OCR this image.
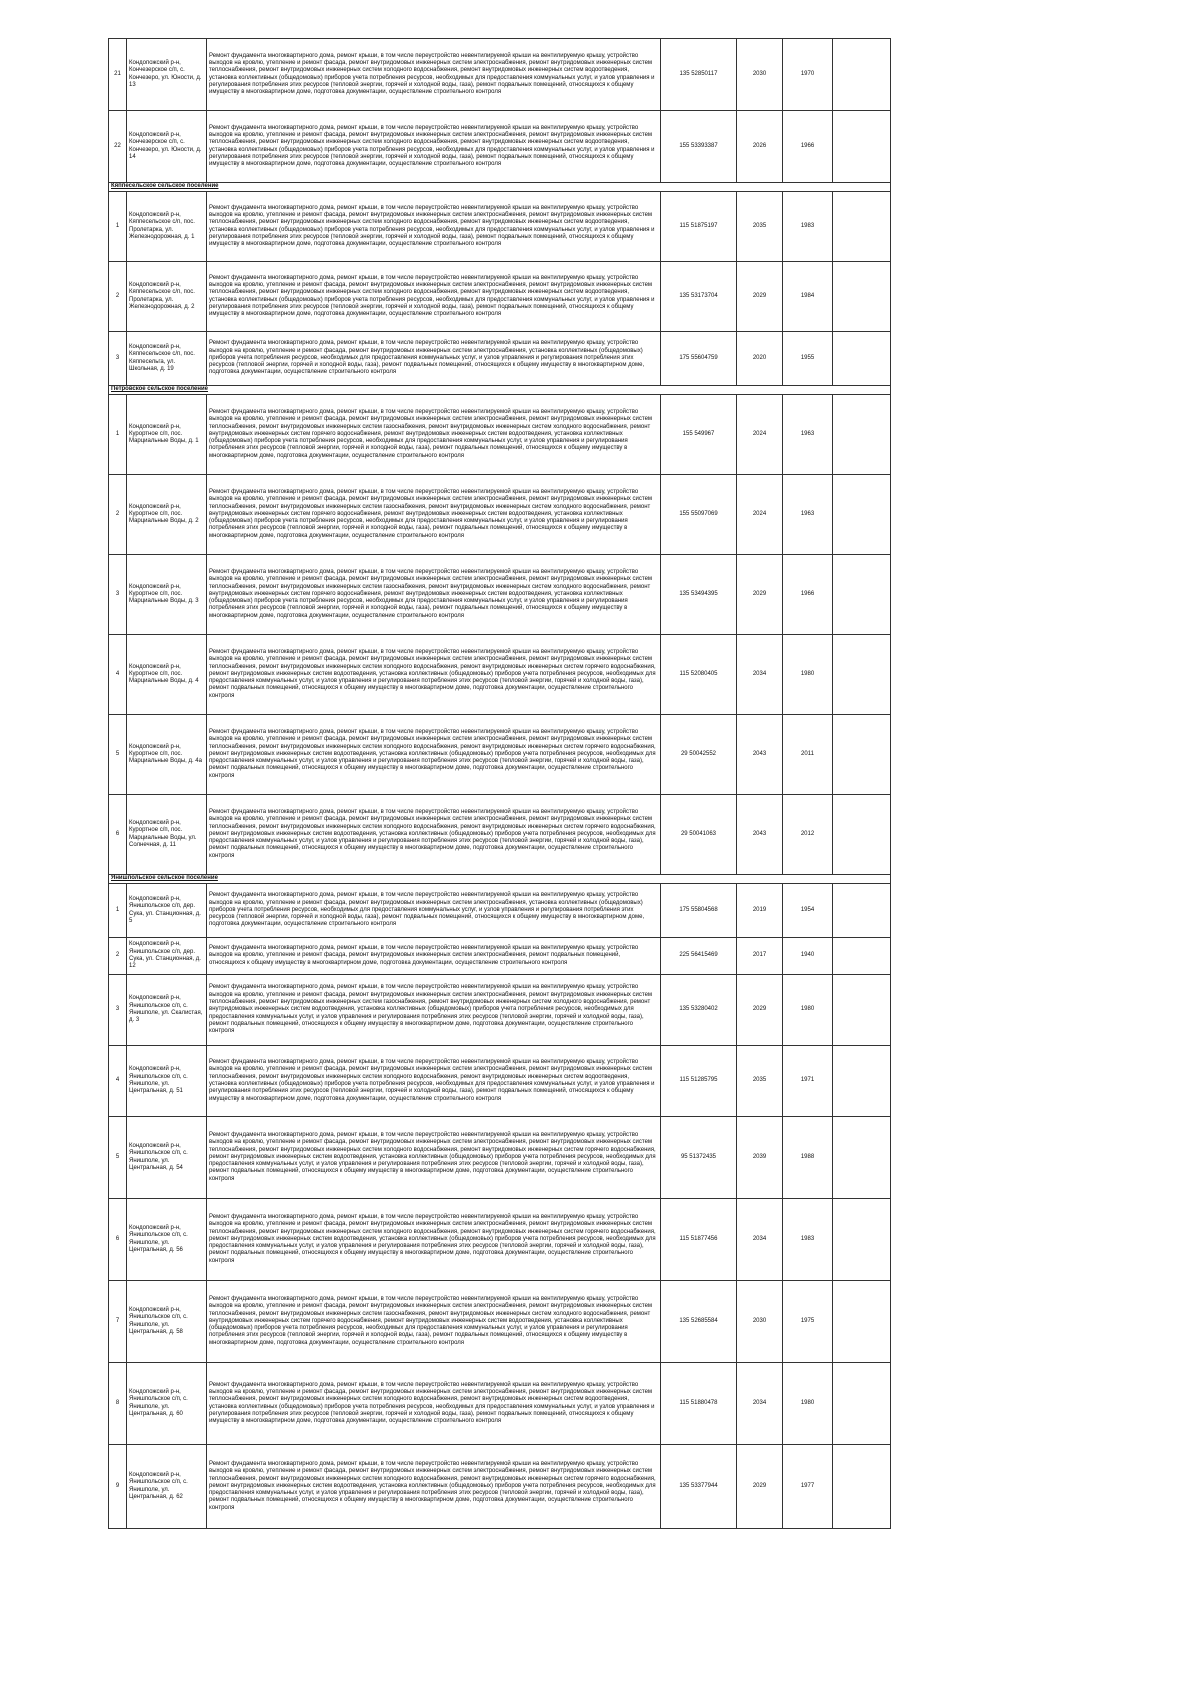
21	Кондопожский р-н, Кончезерское с/п, с. Кончезеро, ул. Юности, д. 13	Ремонт фундамента многоквартирного дома, ремонт крыши, в том числе переустройство невентилируемой крыши на вентилируемую крышу, устройство выходов на кровлю, утепление и ремонт фасада, ремонт внутридомовых инженерных систем электроснабжения, ремонт внутридомовых инженерных систем теплоснабжения, ремонт внутридомовых инженерных систем холодного водоснабжения, ремонт внутридомовых инженерных систем водоотведения, установка коллективных (общедомовых) приборов учета потребления ресурсов, необходимых для предоставления коммунальных услуг, и узлов управления и регулирования потребления этих ресурсов (тепловой энергии, горячей и холодной воды, газа), ремонт подвальных помещений, относящихся к общему имуществу в многоквартирном доме, подготовка документации, осуществление строительного контроля	135 52850117	2030	1970	
22	Кондопожский р-н, Кончезерское с/п, с. Кончезеро, ул. Юности, д. 14	Ремонт фундамента многоквартирного дома, ремонт крыши, в том числе переустройство невентилируемой крыши на вентилируемую крышу, устройство выходов на кровлю, утепление и ремонт фасада, ремонт внутридомовых инженерных систем электроснабжения, ремонт внутридомовых инженерных систем теплоснабжения, ремонт внутридомовых инженерных систем холодного водоснабжения, ремонт внутридомовых инженерных систем водоотведения, установка коллективных (общедомовых) приборов учета потребления ресурсов, необходимых для предоставления коммунальных услуг, и узлов управления и регулирования потребления этих ресурсов (тепловой энергии, горячей и холодной воды, газа), ремонт подвальных помещений, относящихся к общему имуществу в многоквартирном доме, подготовка документации, осуществление строительного контроля	155 53393387	2026	1966	
Кяппесельское сельское поселение						
1	Кондопожский р-н, Кяппесельское с/п, пос. Пролетарка, ул. Железнодорожная, д. 1	Ремонт фундамента многоквартирного дома, ремонт крыши, в том числе переустройство невентилируемой крыши на вентилируемую крышу, устройство выходов на кровлю, утепление и ремонт фасада, ремонт внутридомовых инженерных систем электроснабжения, ремонт внутридомовых инженерных систем теплоснабжения, ремонт внутридомовых инженерных систем холодного водоснабжения, ремонт внутридомовых инженерных систем водоотведения, установка коллективных (общедомовых) приборов учета потребления ресурсов, необходимых для предоставления коммунальных услуг, и узлов управления и регулирования потребления этих ресурсов (тепловой энергии, горячей и холодной воды, газа), ремонт подвальных помещений, относящихся к общему имуществу в многоквартирном доме, подготовка документации, осуществление строительного контроля	115 51875197	2035	1983	
2	Кондопожский р-н, Кяппесельское с/п, пос. Пролетарка, ул. Железнодорожная, д. 2	Ремонт фундамента многоквартирного дома, ремонт крыши, в том числе переустройство невентилируемой крыши на вентилируемую крышу, устройство выходов на кровлю, утепление и ремонт фасада, ремонт внутридомовых инженерных систем электроснабжения, ремонт внутридомовых инженерных систем теплоснабжения, ремонт внутридомовых инженерных систем холодного водоснабжения, ремонт внутридомовых инженерных систем водоотведения, установка коллективных (общедомовых) приборов учета потребления ресурсов, необходимых для предоставления коммунальных услуг, и узлов управления и регулирования потребления этих ресурсов (тепловой энергии, горячей и холодной воды, газа), ремонт подвальных помещений, относящихся к общему имуществу в многоквартирном доме, подготовка документации, осуществление строительного контроля	135 53173704	2029	1984	
3	Кондопожский р-н, Кяппесельское с/п, пос. Кяппесельга, ул. Школьная, д. 19	Ремонт фундамента многоквартирного дома, ремонт крыши, в том числе переустройство невентилируемой крыши на вентилируемую крышу, устройство выходов на кровлю, утепление и ремонт фасада, ремонт внутридомовых инженерных систем электроснабжения, установка коллективных (общедомовых) приборов учета потребления ресурсов, необходимых для предоставления коммунальных услуг, и узлов управления и регулирования потребления этих ресурсов (тепловой энергии, горячей и холодной воды, газа), ремонт подвальных помещений, относящихся к общему имуществу в многоквартирном доме, подготовка документации, осуществление строительного контроля	175 55604759	2020	1955	
Петровское сельское поселение						
1	Кондопожский р-н, Курортное с/п, пос. Марциальные Воды, д. 1	Ремонт фундамента многоквартирного дома, ремонт крыши, в том числе переустройство невентилируемой крыши на вентилируемую крышу, устройство выходов на кровлю, утепление и ремонт фасада, ремонт внутридомовых инженерных систем электроснабжения, ремонт внутридомовых инженерных систем теплоснабжения, ремонт внутридомовых инженерных систем газоснабжения, ремонт внутридомовых инженерных систем холодного водоснабжения, ремонт внутридомовых инженерных систем горячего водоснабжения, ремонт внутридомовых инженерных систем водоотведения, установка коллективных (общедомовых) приборов учета потребления ресурсов, необходимых для предоставления коммунальных услуг, и узлов управления и регулирования потребления этих ресурсов (тепловой энергии, горячей и холодной воды, газа), ремонт подвальных помещений, относящихся к общему имуществу в многоквартирном доме, подготовка документации, осуществление строительного контроля	155 549967	2024	1963	
2	Кондопожский р-н, Курортное с/п, пос. Марциальные Воды, д. 2	Ремонт фундамента многоквартирного дома, ремонт крыши, в том числе переустройство невентилируемой крыши на вентилируемую крышу, устройство выходов на кровлю, утепление и ремонт фасада, ремонт внутридомовых инженерных систем электроснабжения, ремонт внутридомовых инженерных систем теплоснабжения, ремонт внутридомовых инженерных систем газоснабжения, ремонт внутридомовых инженерных систем холодного водоснабжения, ремонт внутридомовых инженерных систем горячего водоснабжения, ремонт внутридомовых инженерных систем водоотведения, установка коллективных (общедомовых) приборов учета потребления ресурсов, необходимых для предоставления коммунальных услуг, и узлов управления и регулирования потребления этих ресурсов (тепловой энергии, горячей и холодной воды, газа), ремонт подвальных помещений, относящихся к общему имуществу в многоквартирном доме, подготовка документации, осуществление строительного контроля	155 55097069	2024	1963	
3	Кондопожский р-н, Курортное с/п, пос. Марциальные Воды, д. 3	Ремонт фундамента многоквартирного дома, ремонт крыши, в том числе переустройство невентилируемой крыши на вентилируемую крышу, устройство выходов на кровлю, утепление и ремонт фасада, ремонт внутридомовых инженерных систем электроснабжения, ремонт внутридомовых инженерных систем теплоснабжения, ремонт внутридомовых инженерных систем газоснабжения, ремонт внутридомовых инженерных систем холодного водоснабжения, ремонт внутридомовых инженерных систем горячего водоснабжения, ремонт внутридомовых инженерных систем водоотведения, установка коллективных (общедомовых) приборов учета потребления ресурсов, необходимых для предоставления коммунальных услуг, и узлов управления и регулирования потребления этих ресурсов (тепловой энергии, горячей и холодной воды, газа), ремонт подвальных помещений, относящихся к общему имуществу в многоквартирном доме, подготовка документации, осуществление строительного контроля	135 53494395	2029	1966	
4	Кондопожский р-н, Курортное с/п, пос. Марциальные Воды, д. 4	Ремонт фундамента многоквартирного дома, ремонт крыши, в том числе переустройство невентилируемой крыши на вентилируемую крышу, устройство выходов на кровлю, утепление и ремонт фасада, ремонт внутридомовых инженерных систем электроснабжения, ремонт внутридомовых инженерных систем теплоснабжения, ремонт внутридомовых инженерных систем холодного водоснабжения, ремонт внутридомовых инженерных систем горячего водоснабжения, ремонт внутридомовых инженерных систем водоотведения, установка коллективных (общедомовых) приборов учета потребления ресурсов, необходимых для предоставления коммунальных услуг, и узлов управления и регулирования потребления этих ресурсов (тепловой энергии, горячей и холодной воды, газа), ремонт подвальных помещений, относящихся к общему имуществу в многоквартирном доме, подготовка документации, осуществление строительного контроля	115 52080405	2034	1980	
5	Кондопожский р-н, Курортное с/п, пос. Марциальные Воды, д. 4а	Ремонт фундамента многоквартирного дома, ремонт крыши, в том числе переустройство невентилируемой крыши на вентилируемую крышу, устройство выходов на кровлю, утепление и ремонт фасада, ремонт внутридомовых инженерных систем электроснабжения, ремонт внутридомовых инженерных систем теплоснабжения, ремонт внутридомовых инженерных систем холодного водоснабжения, ремонт внутридомовых инженерных систем горячего водоснабжения, ремонт внутридомовых инженерных систем водоотведения, установка коллективных (общедомовых) приборов учета потребления ресурсов, необходимых для предоставления коммунальных услуг, и узлов управления и регулирования потребления этих ресурсов (тепловой энергии, горячей и холодной воды, газа), ремонт подвальных помещений, относящихся к общему имуществу в многоквартирном доме, подготовка документации, осуществление строительного контроля	29 50042552	2043	2011	
6	Кондопожский р-н, Курортное с/п, пос. Марциальные Воды, ул. Солнечная, д. 11	Ремонт фундамента многоквартирного дома, ремонт крыши, в том числе переустройство невентилируемой крыши на вентилируемую крышу, устройство выходов на кровлю, утепление и ремонт фасада, ремонт внутридомовых инженерных систем электроснабжения, ремонт внутридомовых инженерных систем теплоснабжения, ремонт внутридомовых инженерных систем холодного водоснабжения, ремонт внутридомовых инженерных систем горячего водоснабжения, ремонт внутридомовых инженерных систем водоотведения, установка коллективных (общедомовых) приборов учета потребления ресурсов, необходимых для предоставления коммунальных услуг, и узлов управления и регулирования потребления этих ресурсов (тепловой энергии, горячей и холодной воды, газа), ремонт подвальных помещений, относящихся к общему имуществу в многоквартирном доме, подготовка документации, осуществление строительного контроля	29 50041063	2043	2012	
Янишпольское сельское поселение						
1	Кондопожский р-н, Янишпольское с/п, дер. Сука, ул. Станционная, д. 5	Ремонт фундамента многоквартирного дома, ремонт крыши, в том числе переустройство невентилируемой крыши на вентилируемую крышу, устройство выходов на кровлю, утепление и ремонт фасада, ремонт внутридомовых инженерных систем электроснабжения, установка коллективных (общедомовых) приборов учета потребления ресурсов, необходимых для предоставления коммунальных услуг, и узлов управления и регулирования потребления этих ресурсов (тепловой энергии, горячей и холодной воды, газа), ремонт подвальных помещений, относящихся к общему имуществу в многоквартирном доме, подготовка документации, осуществление строительного контроля	175 55804568	2019	1954	
2	Кондопожский р-н, Янишпольское с/п, дер. Сука, ул. Станционная, д. 12	Ремонт фундамента многоквартирного дома, ремонт крыши, в том числе переустройство невентилируемой крыши на вентилируемую крышу, устройство выходов на кровлю, утепление и ремонт фасада, ремонт внутридомовых инженерных систем электроснабжения, ремонт подвальных помещений, относящихся к общему имуществу в многоквартирном доме, подготовка документации, осуществление строительного контроля	225 56415469	2017	1940	
3	Кондопожский р-н, Янишпольское с/п, с. Янишполе, ул. Скалистая, д. 3	Ремонт фундамента многоквартирного дома, ремонт крыши, в том числе переустройство невентилируемой крыши на вентилируемую крышу, устройство выходов на кровлю, утепление и ремонт фасада, ремонт внутридомовых инженерных систем электроснабжения, ремонт внутридомовых инженерных систем теплоснабжения, ремонт внутридомовых инженерных систем газоснабжения, ремонт внутридомовых инженерных систем холодного водоснабжения, ремонт внутридомовых инженерных систем водоотведения, установка коллективных (общедомовых) приборов учета потребления ресурсов, необходимых для предоставления коммунальных услуг, и узлов управления и регулирования потребления этих ресурсов (тепловой энергии, горячей и холодной воды, газа), ремонт подвальных помещений, относящихся к общему имуществу в многоквартирном доме, подготовка документации, осуществление строительного контроля	135 53280402	2029	1980	
4	Кондопожский р-н, Янишпольское с/п, с. Янишполе, ул. Центральная, д. 51	Ремонт фундамента многоквартирного дома, ремонт крыши, в том числе переустройство невентилируемой крыши на вентилируемую крышу, устройство выходов на кровлю, утепление и ремонт фасада, ремонт внутридомовых инженерных систем электроснабжения, ремонт внутридомовых инженерных систем теплоснабжения, ремонт внутридомовых инженерных систем холодного водоснабжения, ремонт внутридомовых инженерных систем водоотведения, установка коллективных (общедомовых) приборов учета потребления ресурсов, необходимых для предоставления коммунальных услуг, и узлов управления и регулирования потребления этих ресурсов (тепловой энергии, горячей и холодной воды, газа), ремонт подвальных помещений, относящихся к общему имуществу в многоквартирном доме, подготовка документации, осуществление строительного контроля	115 51285795	2035	1971	
5	Кондопожский р-н, Янишпольское с/п, с. Янишполе, ул. Центральная, д. 54	Ремонт фундамента многоквартирного дома, ремонт крыши, в том числе переустройство невентилируемой крыши на вентилируемую крышу, устройство выходов на кровлю, утепление и ремонт фасада, ремонт внутридомовых инженерных систем электроснабжения, ремонт внутридомовых инженерных систем теплоснабжения, ремонт внутридомовых инженерных систем холодного водоснабжения, ремонт внутридомовых инженерных систем горячего водоснабжения, ремонт внутридомовых инженерных систем водоотведения, установка коллективных (общедомовых) приборов учета потребления ресурсов, необходимых для предоставления коммунальных услуг, и узлов управления и регулирования потребления этих ресурсов (тепловой энергии, горячей и холодной воды, газа), ремонт подвальных помещений, относящихся к общему имуществу в многоквартирном доме, подготовка документации, осуществление строительного контроля	95 51372435	2039	1988	
6	Кондопожский р-н, Янишпольское с/п, с. Янишполе, ул. Центральная, д. 56	Ремонт фундамента многоквартирного дома, ремонт крыши, в том числе переустройство невентилируемой крыши на вентилируемую крышу, устройство выходов на кровлю, утепление и ремонт фасада, ремонт внутридомовых инженерных систем электроснабжения, ремонт внутридомовых инженерных систем теплоснабжения, ремонт внутридомовых инженерных систем холодного водоснабжения, ремонт внутридомовых инженерных систем горячего водоснабжения, ремонт внутридомовых инженерных систем водоотведения, установка коллективных (общедомовых) приборов учета потребления ресурсов, необходимых для предоставления коммунальных услуг, и узлов управления и регулирования потребления этих ресурсов (тепловой энергии, горячей и холодной воды, газа), ремонт подвальных помещений, относящихся к общему имуществу в многоквартирном доме, подготовка документации, осуществление строительного контроля	115 51877456	2034	1983	
7	Кондопожский р-н, Янишпольское с/п, с. Янишполе, ул. Центральная, д. 58	Ремонт фундамента многоквартирного дома, ремонт крыши, в том числе переустройство невентилируемой крыши на вентилируемую крышу, устройство выходов на кровлю, утепление и ремонт фасада, ремонт внутридомовых инженерных систем электроснабжения, ремонт внутридомовых инженерных систем теплоснабжения, ремонт внутридомовых инженерных систем газоснабжения, ремонт внутридомовых инженерных систем холодного водоснабжения, ремонт внутридомовых инженерных систем горячего водоснабжения, ремонт внутридомовых инженерных систем водоотведения, установка коллективных (общедомовых) приборов учета потребления ресурсов, необходимых для предоставления коммунальных услуг, и узлов управления и регулирования потребления этих ресурсов (тепловой энергии, горячей и холодной воды, газа), ремонт подвальных помещений, относящихся к общему имуществу в многоквартирном доме, подготовка документации, осуществление строительного контроля	135 52685584	2030	1975	
8	Кондопожский р-н, Янишпольское с/п, с. Янишполе, ул. Центральная, д. 60	Ремонт фундамента многоквартирного дома, ремонт крыши, в том числе переустройство невентилируемой крыши на вентилируемую крышу, устройство выходов на кровлю, утепление и ремонт фасада, ремонт внутридомовых инженерных систем электроснабжения, ремонт внутридомовых инженерных систем теплоснабжения, ремонт внутридомовых инженерных систем холодного водоснабжения, ремонт внутридомовых инженерных систем водоотведения, установка коллективных (общедомовых) приборов учета потребления ресурсов, необходимых для предоставления коммунальных услуг, и узлов управления и регулирования потребления этих ресурсов (тепловой энергии, горячей и холодной воды, газа), ремонт подвальных помещений, относящихся к общему имуществу в многоквартирном доме, подготовка документации, осуществление строительного контроля	115 51880478	2034	1980	
9	Кондопожский р-н, Янишпольское с/п, с. Янишполе, ул. Центральная, д. 62	Ремонт фундамента многоквартирного дома, ремонт крыши, в том числе переустройство невентилируемой крыши на вентилируемую крышу, устройство выходов на кровлю, утепление и ремонт фасада, ремонт внутридомовых инженерных систем электроснабжения, ремонт внутридомовых инженерных систем теплоснабжения, ремонт внутридомовых инженерных систем холодного водоснабжения, ремонт внутридомовых инженерных систем горячего водоснабжения, ремонт внутридомовых инженерных систем водоотведения, установка коллективных (общедомовых) приборов учета потребления ресурсов, необходимых для предоставления коммунальных услуг, и узлов управления и регулирования потребления этих ресурсов (тепловой энергии, горячей и холодной воды, газа), ремонт подвальных помещений, относящихся к общему имуществу в многоквартирном доме, подготовка документации, осуществление строительного контроля	135 53377944	2029	1977	
